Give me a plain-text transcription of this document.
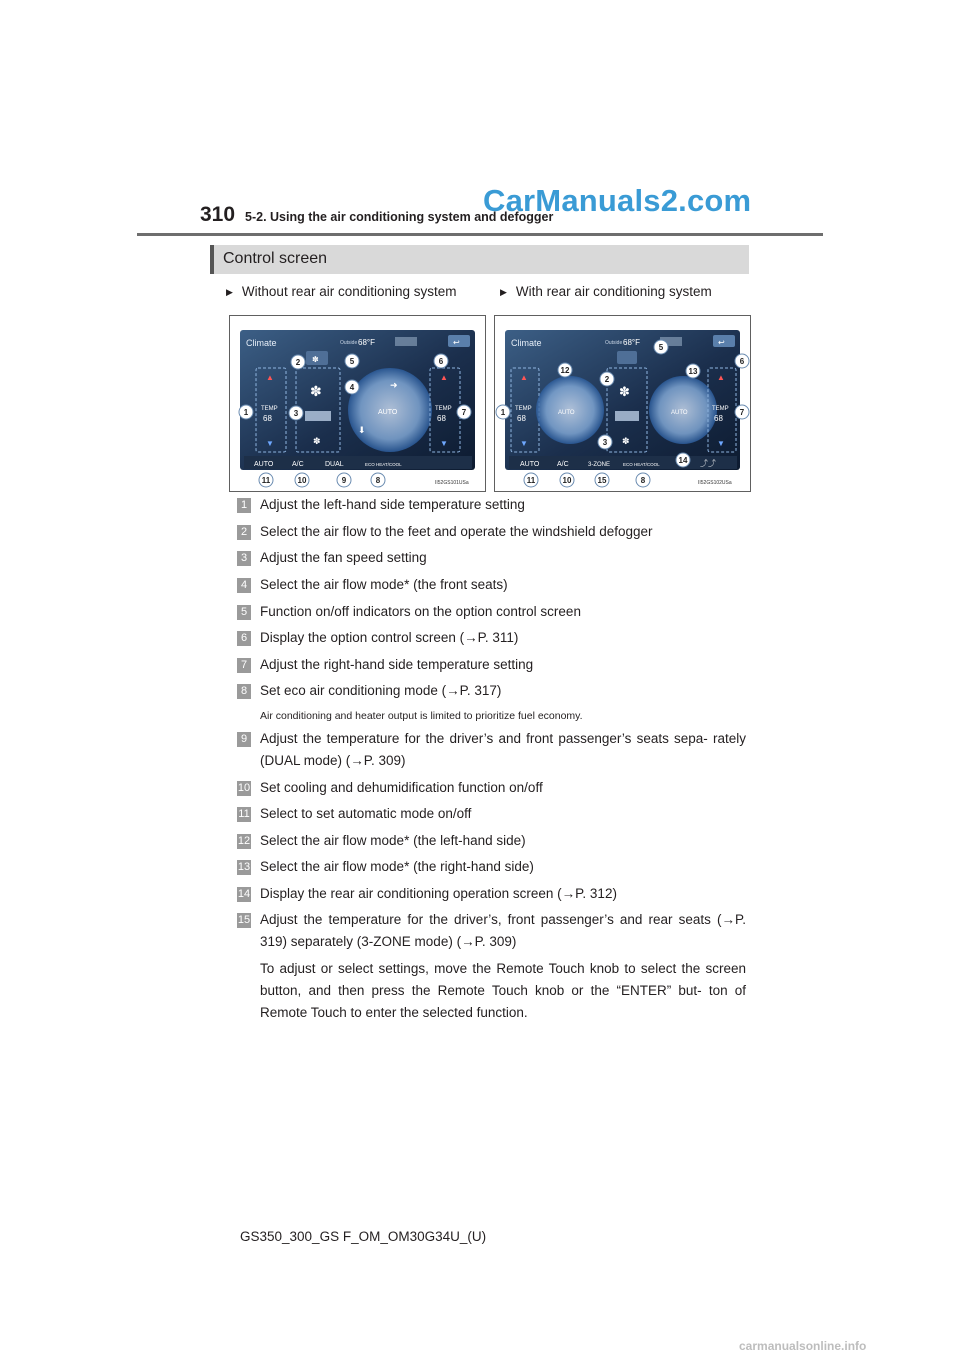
310 5-2. Using the air conditioning system and defogger
CarManuals2.com
Control screen
▶ Without rear air conditioning system	▶ With rear air conditioning system
Climate	Outside 68°F	↩
▲
TEMP
68
▼
✽
✽
✽
AUTO
➜
⬇
▲
TEMP
68
▼
AUTO	A/C	DUAL	ECO HEAT/COOL
1
2
3
4
5	6
7
8
9
10
11	II52GS101USa
Climate	Outside 68°F	↩
▲
TEMP
68
▼
AUTO
✽
✽
AUTO
▲
TEMP
68
▼
AUTO	A/C	3-ZONE	ECO HEAT/COOL	⤴⤴
1
2
3
5
6
7
8
10
11
12	13
14
15	II52GS102USa
1 Adjust the left-hand side temperature setting
2 Select the air flow to the feet and operate the windshield defogger
3 Adjust the fan speed setting
4 Select the air flow mode* (the front seats)
5 Function on/off indicators on the option control screen
6 Display the option control screen (→P. 311)
7 Adjust the right-hand side temperature setting
8 Set eco air conditioning mode (→P. 317)
Air conditioning and heater output is limited to prioritize fuel economy.
9 Adjust the temperature for the driver’s and front passenger’s seats sepa- rately (DUAL mode) (→P. 309)
10 Set cooling and dehumidification function on/off
11 Select to set automatic mode on/off
12 Select the air flow mode* (the left-hand side)
13 Select the air flow mode* (the right-hand side)
14 Display the rear air conditioning operation screen (→P. 312)
15 Adjust the temperature for the driver’s, front passenger’s and rear seats (→P. 319) separately (3-ZONE mode) (→P. 309)
To adjust or select settings, move the Remote Touch knob to select the screen button, and then press the Remote Touch knob or the “ENTER” but- ton of Remote Touch to enter the selected function.
GS350_300_GS F_OM_OM30G34U_(U)
carmanualsonline.info
